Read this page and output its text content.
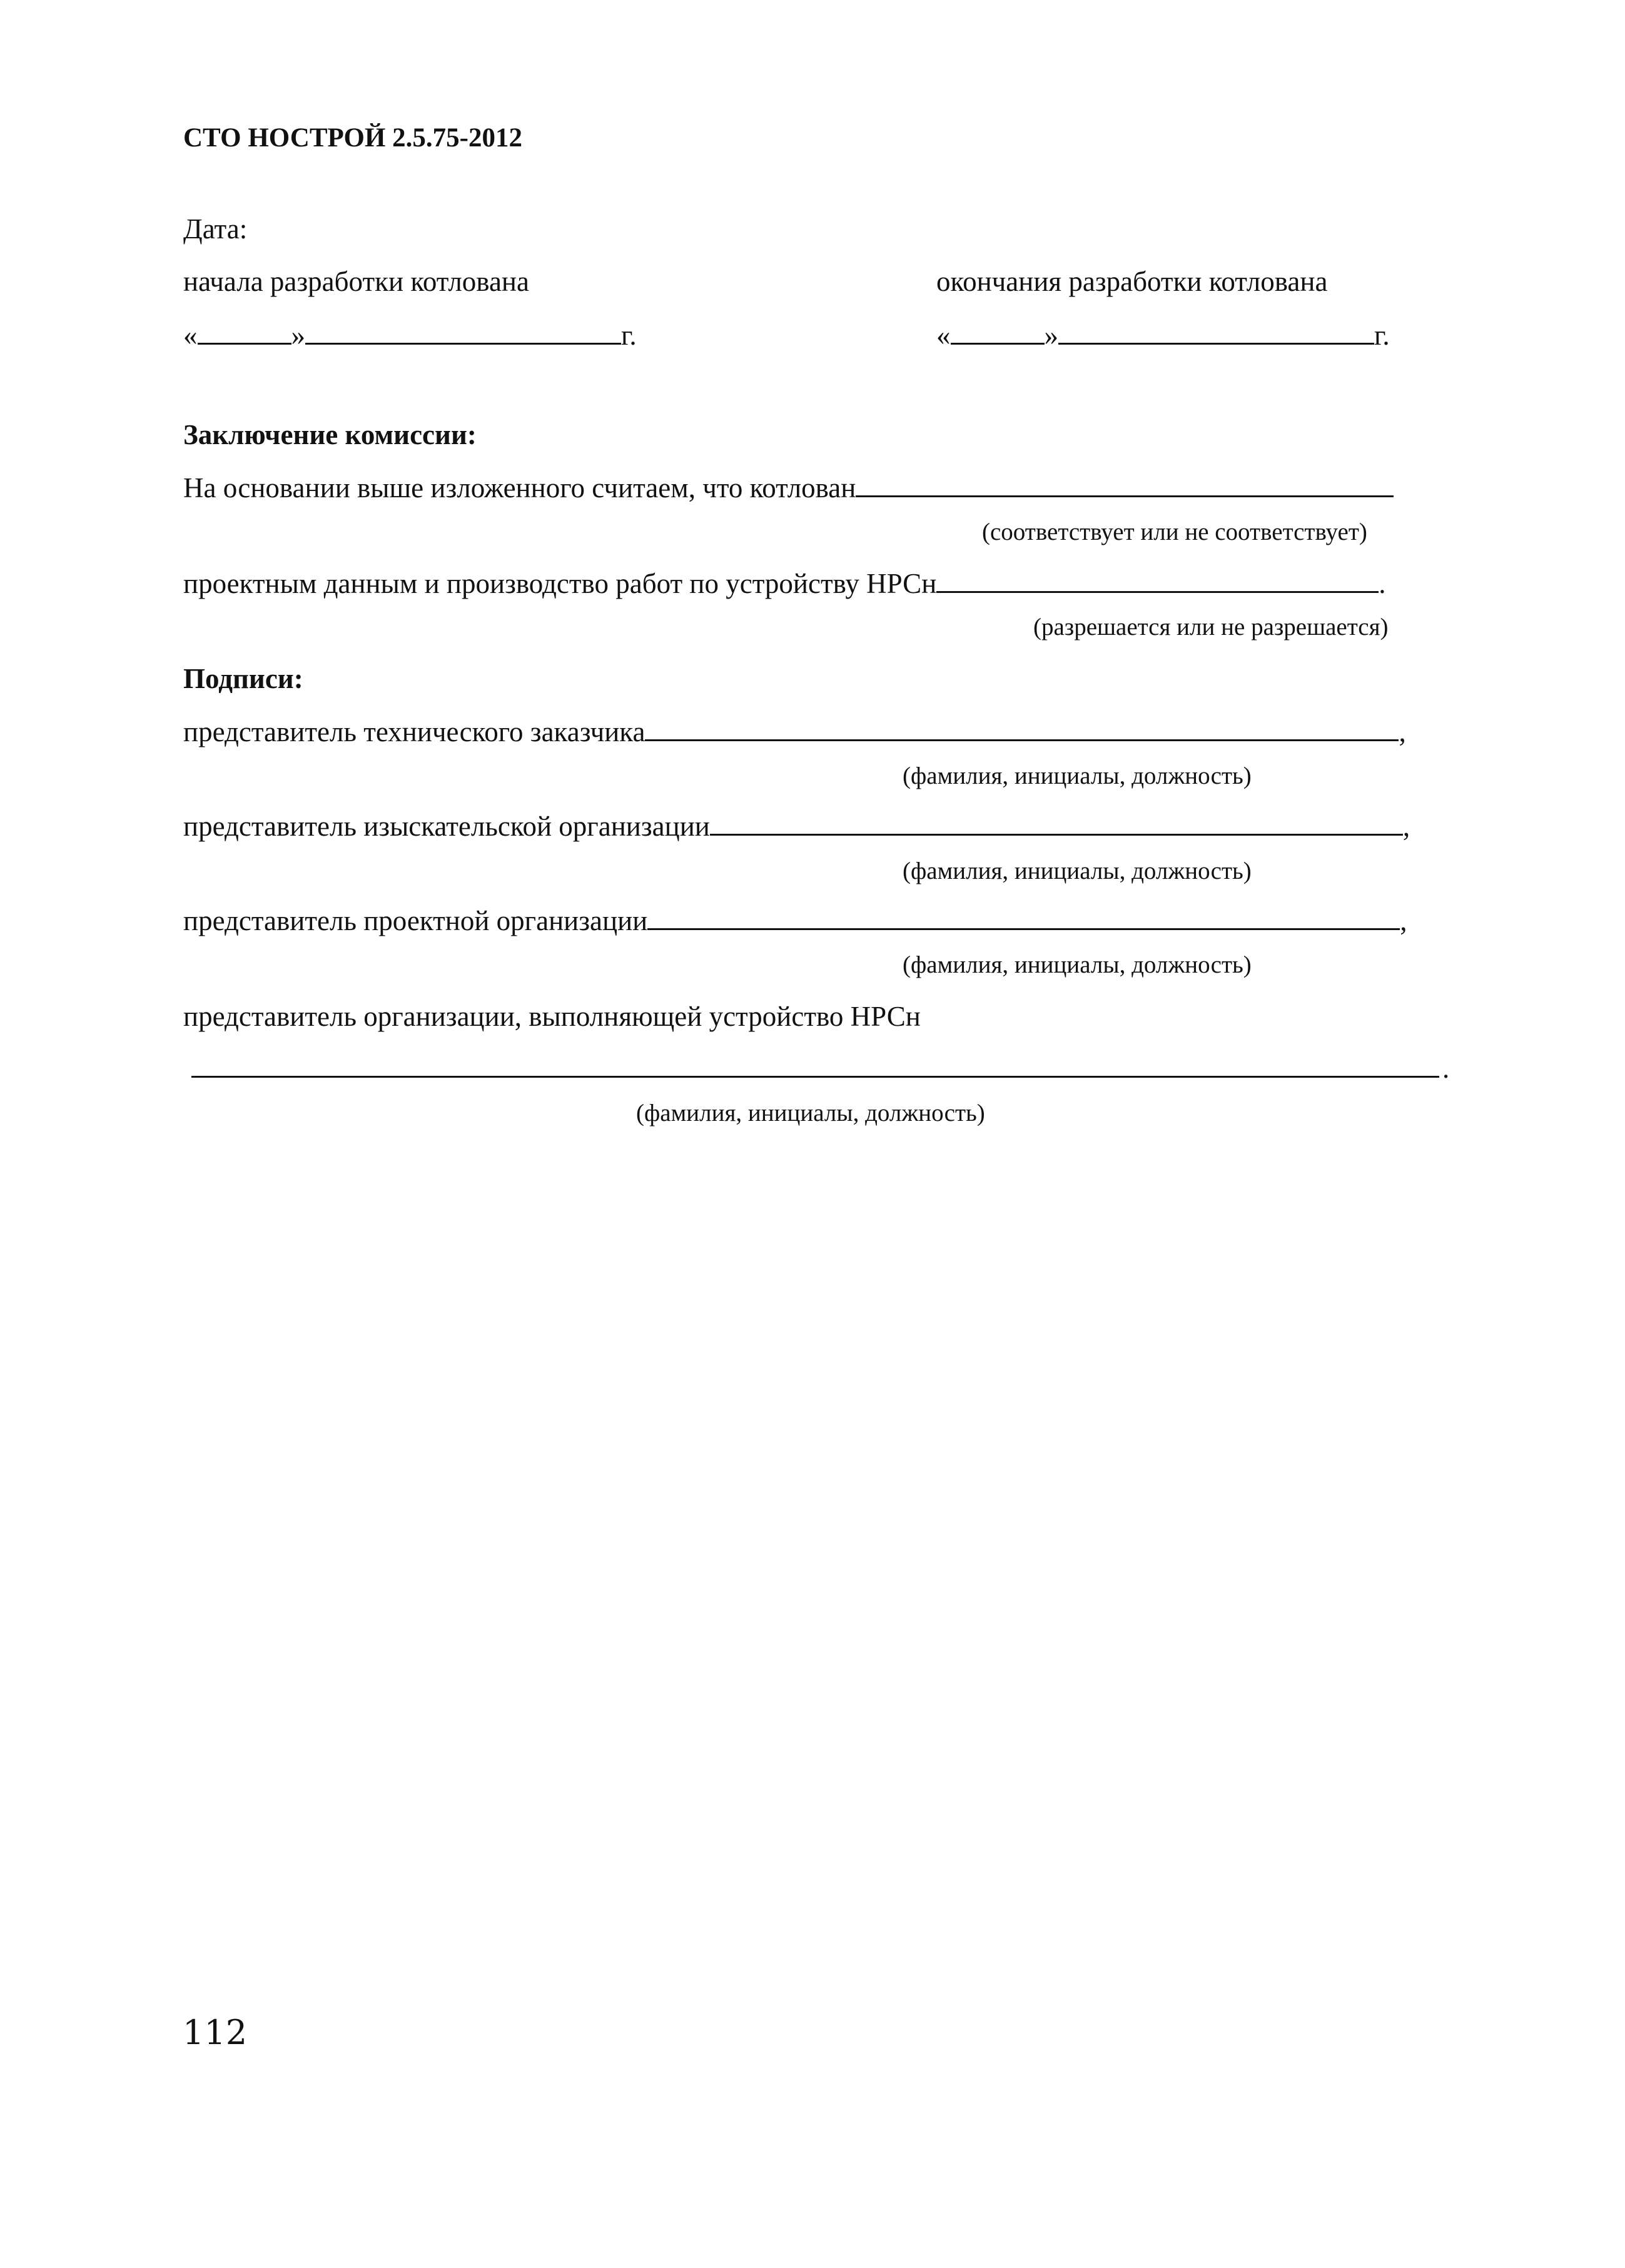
СТО НОСТРОЙ 2.5.75-2012
Дата:
начала разработки котлована	окончания разработки котлована
«	»	г.	«	»	г.
Заключение комиссии:
На основании выше изложенного считаем, что котлован
(соответствует или не соответствует)
проектным данным и производство работ по устройству НРСн	.
(разрешается или не разрешается)
Подписи:
представитель технического заказчика	,
(фамилия, инициалы, должность)
представитель изыскательской организации	,
(фамилия, инициалы, должность)
представитель проектной организации	,
(фамилия, инициалы, должность)
представитель организации, выполняющей устройство НРСн
.
(фамилия, инициалы, должность)
112
